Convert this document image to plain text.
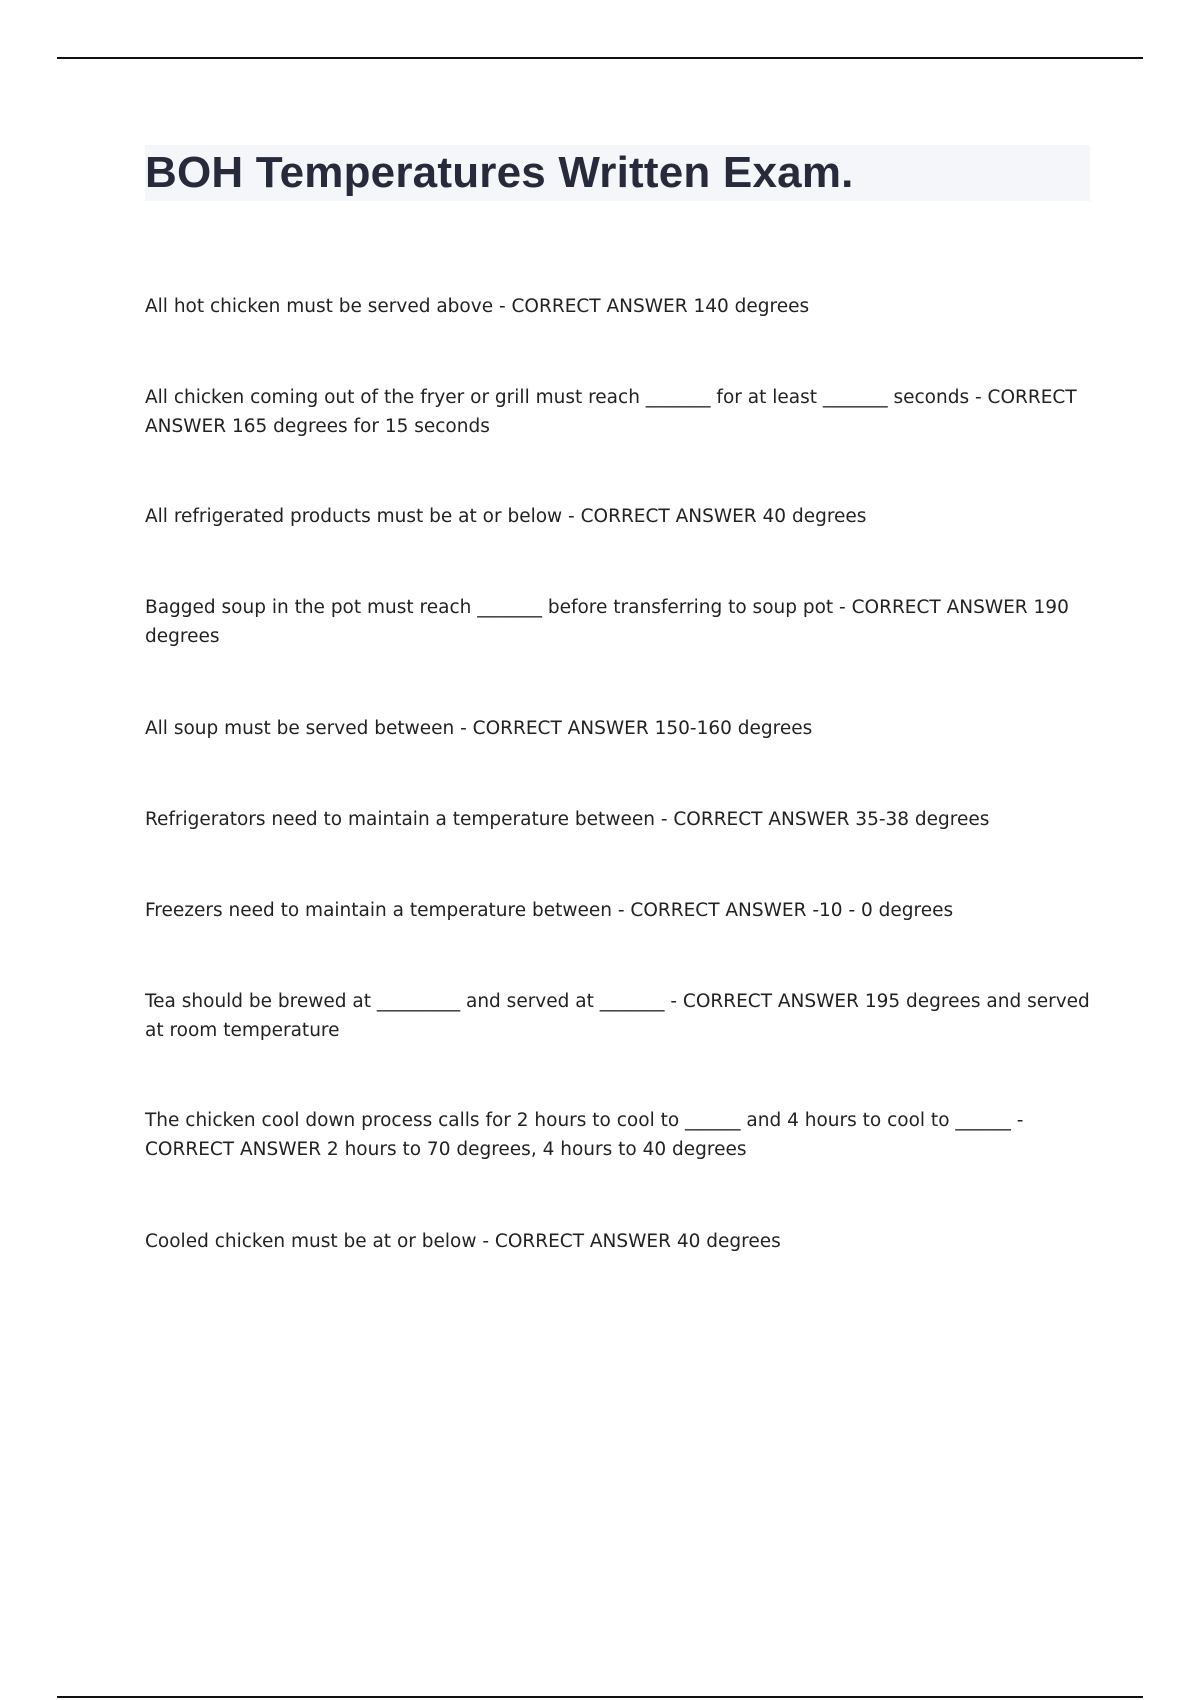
BOH Temperatures Written Exam.

All hot chicken must be served above - CORRECT ANSWER 140 degrees

All chicken coming out of the fryer or grill must reach _______ for at least _______ seconds - CORRECT ANSWER 165 degrees for 15 seconds

All refrigerated products must be at or below - CORRECT ANSWER 40 degrees

Bagged soup in the pot must reach _______ before transferring to soup pot - CORRECT ANSWER 190 degrees

All soup must be served between - CORRECT ANSWER 150-160 degrees

Refrigerators need to maintain a temperature between - CORRECT ANSWER 35-38 degrees

Freezers need to maintain a temperature between - CORRECT ANSWER -10 - 0 degrees

Tea should be brewed at _________ and served at _______ - CORRECT ANSWER 195 degrees and served at room temperature

The chicken cool down process calls for 2 hours to cool to ______ and 4 hours to cool to ______ - CORRECT ANSWER 2 hours to 70 degrees, 4 hours to 40 degrees

Cooled chicken must be at or below - CORRECT ANSWER 40 degrees
